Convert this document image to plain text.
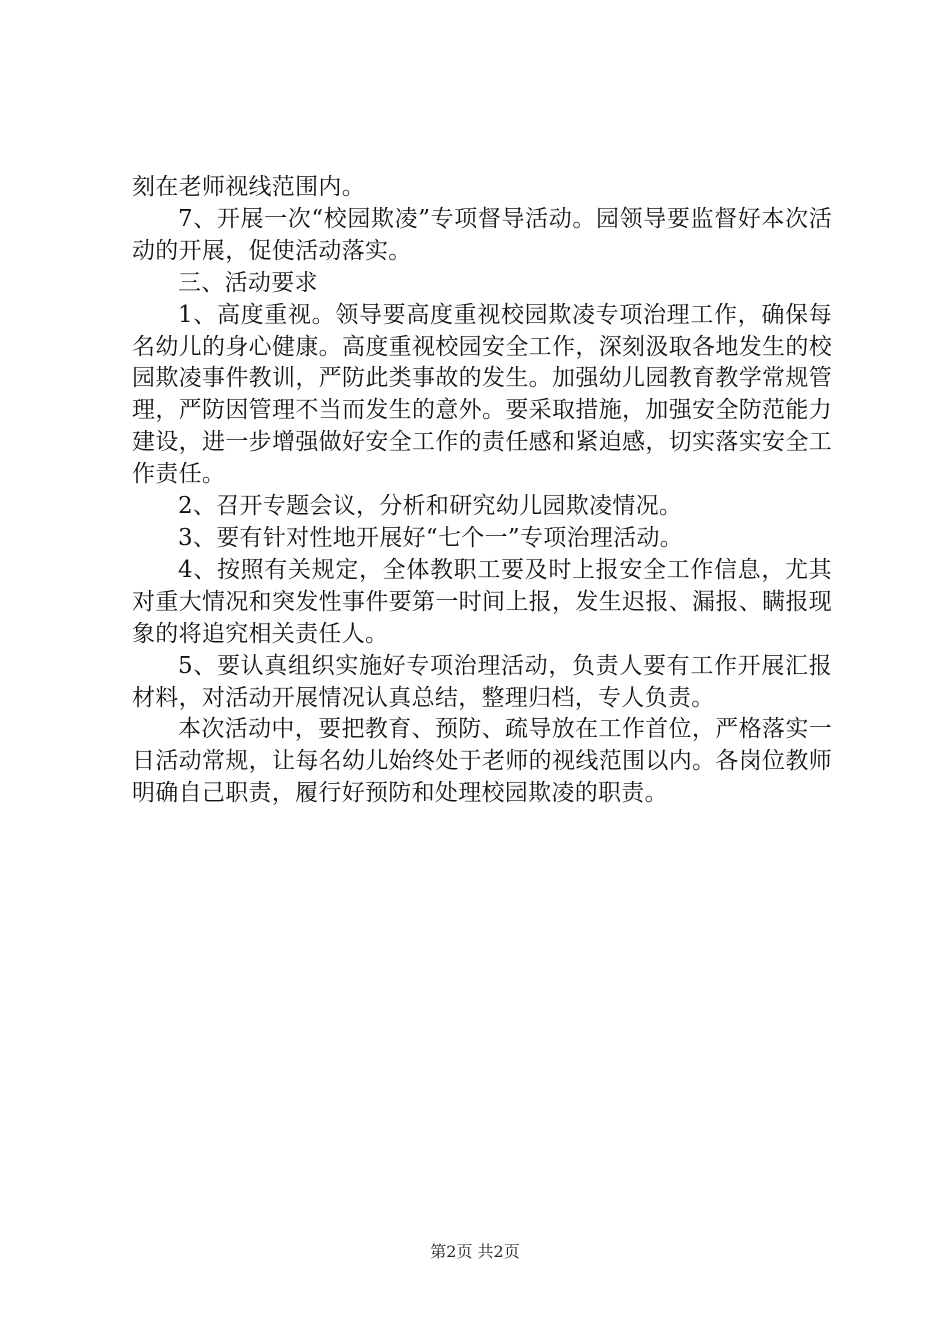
刻在老师视线范围内。

7、开展一次“校园欺凌”专项督导活动。园领导要监督好本次活动的开展，促使活动落实。

三、活动要求

1、高度重视。领导要高度重视校园欺凌专项治理工作，确保每名幼儿的身心健康。高度重视校园安全工作，深刻汲取各地发生的校园欺凌事件教训，严防此类事故的发生。加强幼儿园教育教学常规管理，严防因管理不当而发生的意外。要采取措施，加强安全防范能力建设，进一步增强做好安全工作的责任感和紧迫感，切实落实安全工作责任。

2、召开专题会议，分析和研究幼儿园欺凌情况。

3、要有针对性地开展好“七个一”专项治理活动。

4、按照有关规定，全体教职工要及时上报安全工作信息，尤其对重大情况和突发性事件要第一时间上报，发生迟报、漏报、瞒报现象的将追究相关责任人。

5、要认真组织实施好专项治理活动，负责人要有工作开展汇报材料，对活动开展情况认真总结，整理归档，专人负责。

本次活动中，要把教育、预防、疏导放在工作首位，严格落实一日活动常规，让每名幼儿始终处于老师的视线范围以内。各岗位教师明确自己职责，履行好预防和处理校园欺凌的职责。

第2页 共2页
